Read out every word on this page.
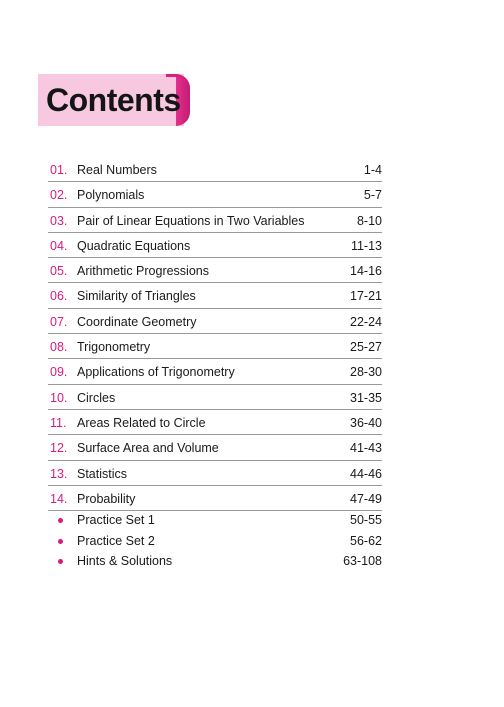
Contents
01. Real Numbers	1-4
02. Polynomials	5-7
03. Pair of Linear Equations in Two Variables	8-10
04. Quadratic Equations	11-13
05. Arithmetic Progressions	14-16
06. Similarity of Triangles	17-21
07. Coordinate Geometry	22-24
08. Trigonometry	25-27
09. Applications of Trigonometry	28-30
10. Circles	31-35
11. Areas Related to Circle	36-40
12. Surface Area and Volume	41-43
13. Statistics	44-46
14. Probability	47-49
Practice Set 1	50-55
Practice Set 2	56-62
Hints & Solutions	63-108
